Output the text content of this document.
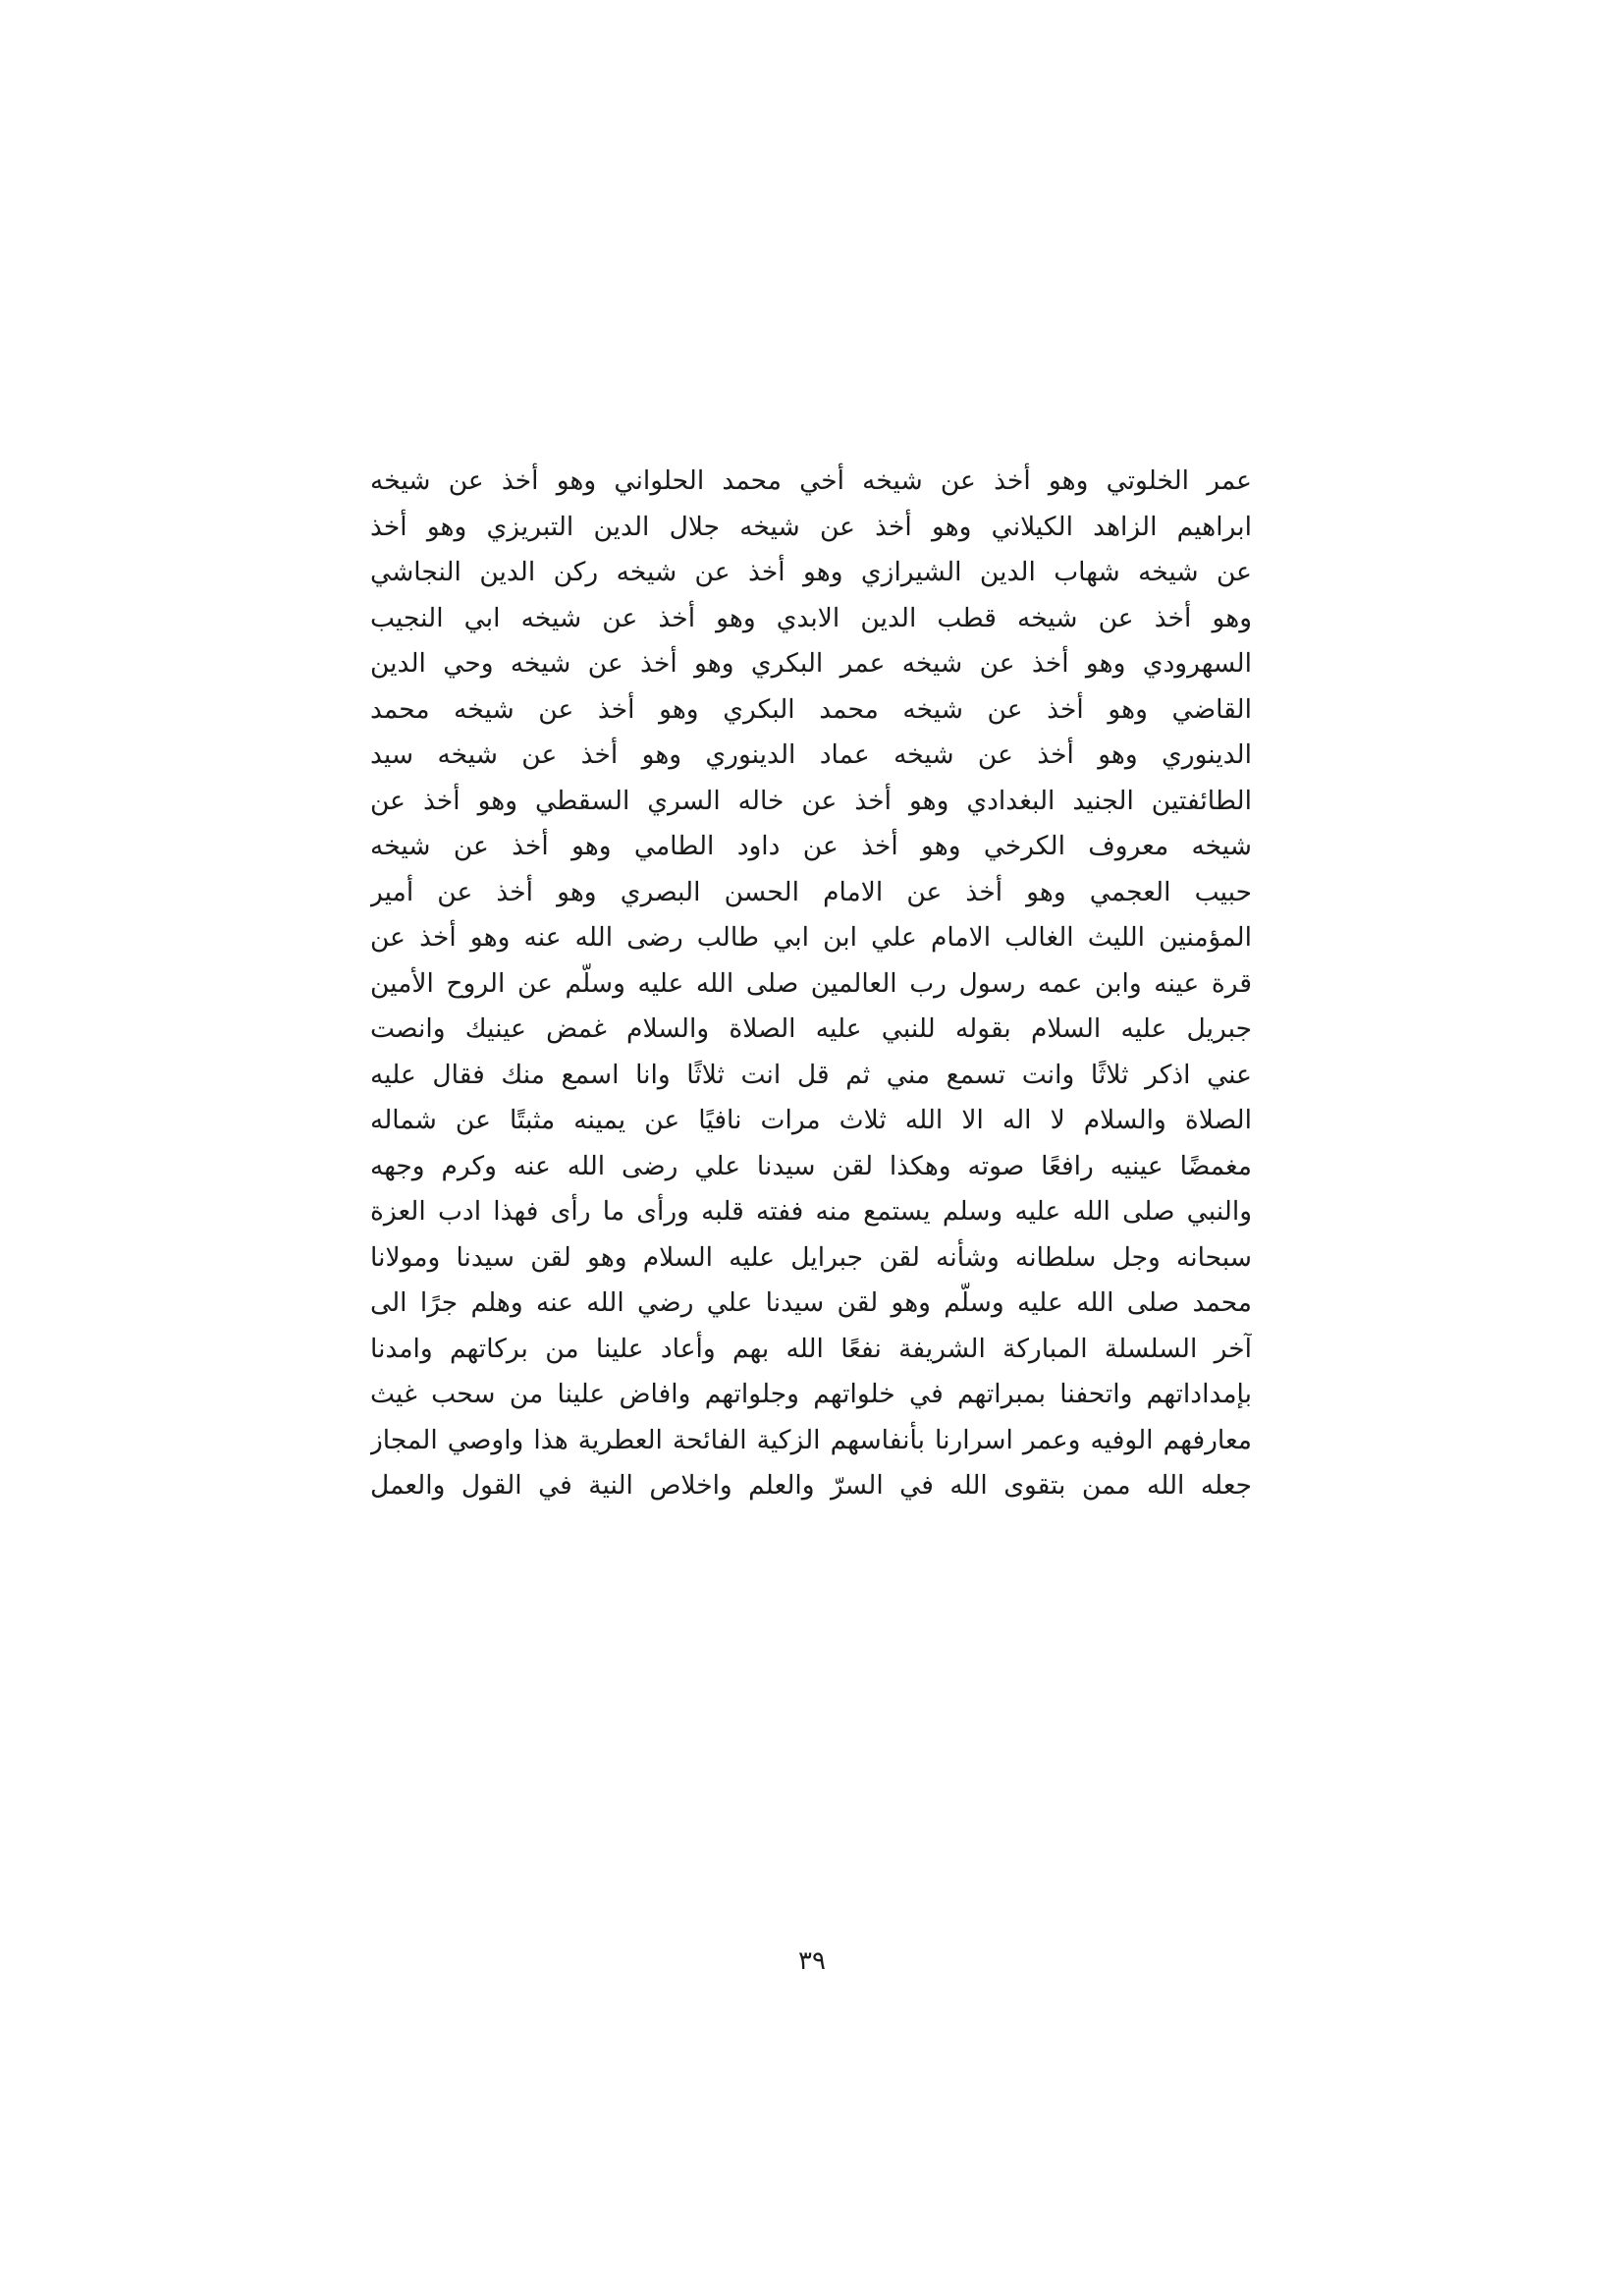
عمر الخلوتي وهو أخذ عن شيخه أخي محمد الحلواني وهو أخذ عن شيخه
ابراهيم الزاهد الكيلاني وهو أخذ عن شيخه جلال الدين التبريزي وهو أخذ
عن شيخه شهاب الدين الشيرازي وهو أخذ عن شيخه ركن الدين النجاشي
وهو أخذ عن شيخه قطب الدين الابدي وهو أخذ عن شيخه ابي النجيب
السهرودي وهو أخذ عن شيخه عمر البكري وهو أخذ عن شيخه وحي الدين
القاضي وهو أخذ عن شيخه محمد البكري وهو أخذ عن شيخه محمد
الدينوري وهو أخذ عن شيخه عماد الدينوري وهو أخذ عن شيخه سيد
الطائفتين الجنيد البغدادي وهو أخذ عن خاله السري السقطي وهو أخذ عن
شيخه معروف الكرخي وهو أخذ عن داود الطامي وهو أخذ عن شيخه
حبيب العجمي وهو أخذ عن الامام الحسن البصري وهو أخذ عن أمير
المؤمنين الليث الغالب الامام علي ابن ابي طالب رضى الله عنه وهو أخذ عن
قرة عينه وابن عمه رسول رب العالمين صلى الله عليه وسلّم عن الروح الأمين
جبريل عليه السلام بقوله للنبي عليه الصلاة والسلام غمض عينيك وانصت
عني اذكر ثلاثًا وانت تسمع مني ثم قل انت ثلاثًا وانا اسمع منك فقال عليه
الصلاة والسلام لا اله الا الله ثلاث مرات نافيًا عن يمينه مثبتًا عن شماله
مغمضًا عينيه رافعًا صوته وهكذا لقن سيدنا علي رضى الله عنه وكرم وجهه
والنبي صلى الله عليه وسلم يستمع منه ففته قلبه ورأى ما رأى فهذا ادب العزة
سبحانه وجل سلطانه وشأنه لقن جبرايل عليه السلام وهو لقن سيدنا ومولانا
محمد صلى الله عليه وسلّم وهو لقن سيدنا علي رضي الله عنه وهلم جرًا الى
آخر السلسلة المباركة الشريفة نفعًا الله بهم وأعاد علينا من بركاتهم وامدنا
بإمداداتهم واتحفنا بمبراتهم في خلواتهم وجلواتهم وافاض علينا من سحب غيث
معارفهم الوفيه وعمر اسرارنا بأنفاسهم الزكية الفائحة العطرية هذا واوصي المجاز
جعله الله ممن بتقوى الله في السرّ والعلم واخلاص النية في القول والعمل
٣٩
